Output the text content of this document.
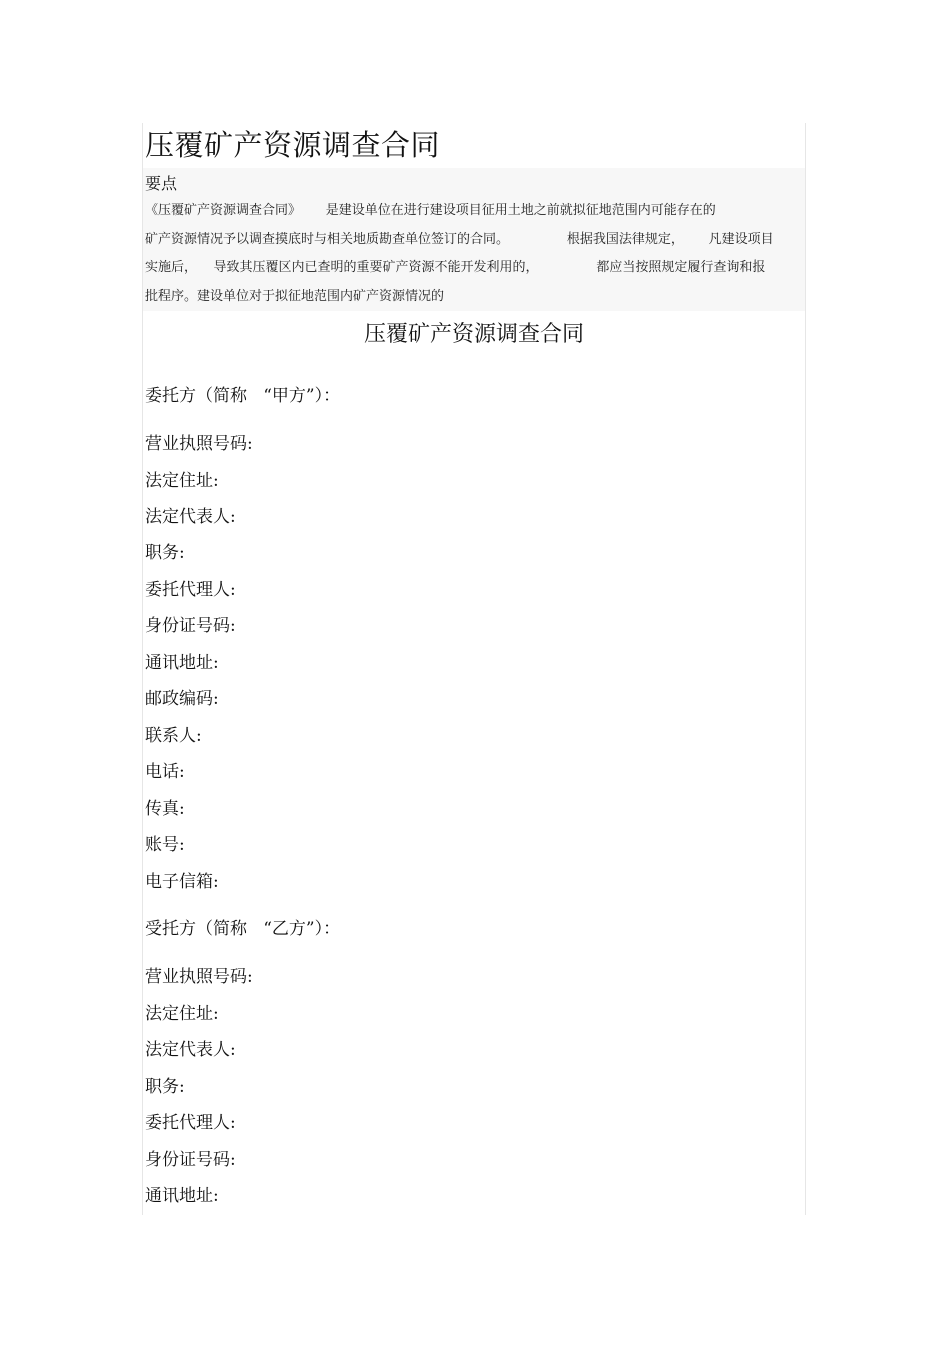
压覆矿产资源调查合同
要点
《压覆矿产资源调查合同》      是建设单位在进行建设项目征用土地之前就拟征地范围内可能存在的
矿产资源情况予以调查摸底时与相关地质勘查单位签订的合同。              根据我国法律规定，      凡建设项目
实施后，    导致其压覆区内已查明的重要矿产资源不能开发利用的，              都应当按照规定履行查询和报
批程序。建设单位对于拟征地范围内矿产资源情况的
压覆矿产资源调查合同
委托方（简称   “甲方”）：
营业执照号码:
法定住址:
法定代表人:
职务:
委托代理人:
身份证号码:
通讯地址:
邮政编码:
联系人:
电话:
传真:
账号:
电子信箱:
受托方（简称   “乙方”）：
营业执照号码:
法定住址:
法定代表人:
职务:
委托代理人:
身份证号码:
通讯地址:
